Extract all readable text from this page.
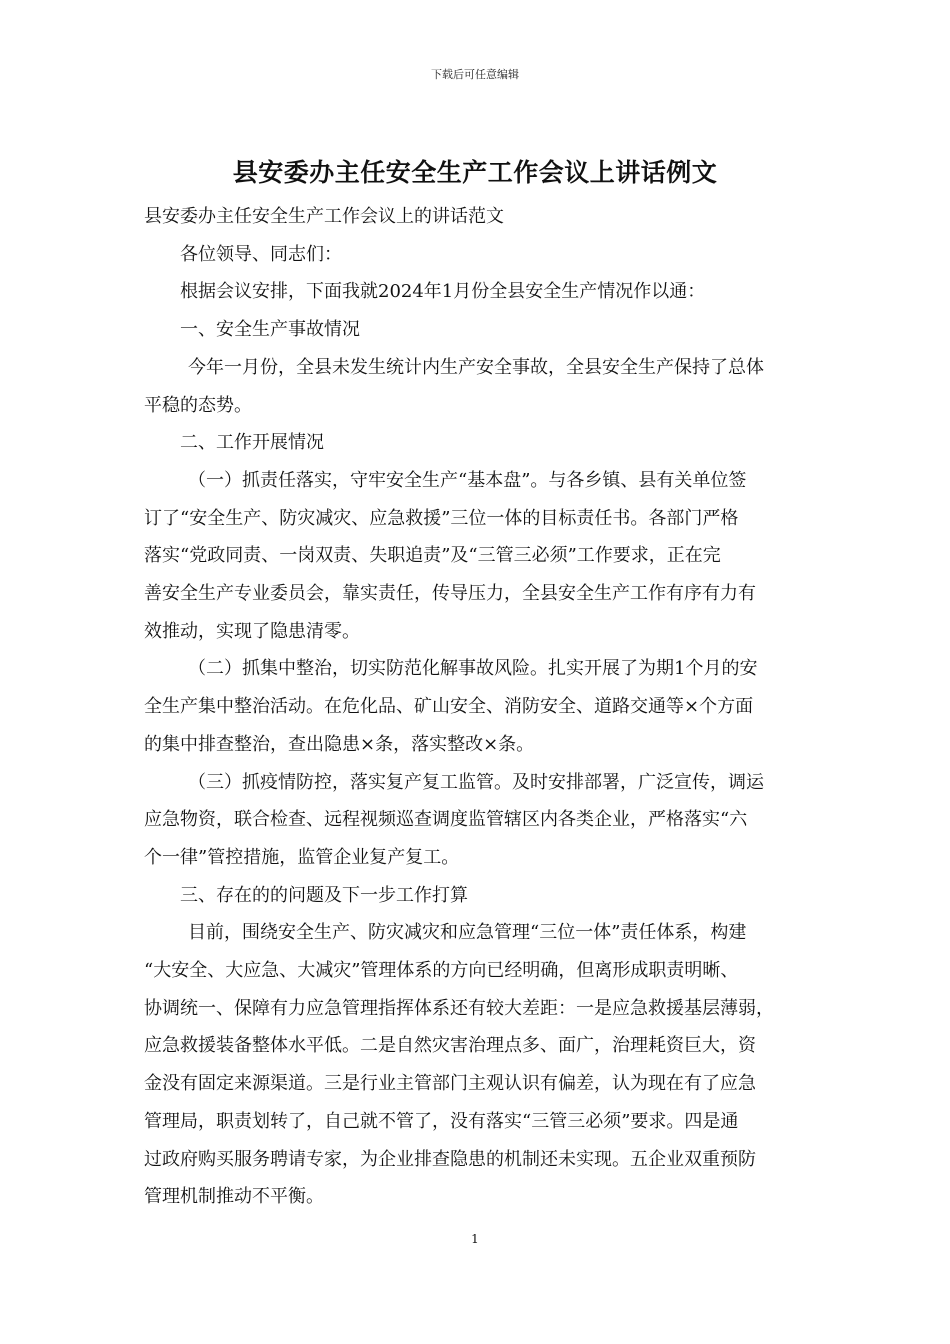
下载后可任意编辑
县安委办主任安全生产工作会议上讲话例文

县安委办主任安全生产工作会议上的讲话范文

各位领导、同志们：

根据会议安排，下面我就2024年1月份全县安全生产情况作以通：

一、安全生产事故情况

今年一月份，全县未发生统计内生产安全事故，全县安全生产保持了总体

平稳的态势。

二、工作开展情况

（一）抓责任落实，守牢安全生产“基本盘”。与各乡镇、县有关单位签

订了“安全生产、防灾减灾、应急救援”三位一体的目标责任书。各部门严格

落实“党政同责、一岗双责、失职追责”及“三管三必须”工作要求，正在完

善安全生产专业委员会，靠实责任，传导压力，全县安全生产工作有序有力有

效推动，实现了隐患清零。

（二）抓集中整治，切实防范化解事故风险。扎实开展了为期1个月的安

全生产集中整治活动。在危化品、矿山安全、消防安全、道路交通等×个方面

的集中排查整治，查出隐患×条，落实整改×条。

（三）抓疫情防控，落实复产复工监管。及时安排部署，广泛宣传，调运

应急物资，联合检查、远程视频巡查调度监管辖区内各类企业，严格落实“六

个一律”管控措施，监管企业复产复工。

三、存在的的问题及下一步工作打算

目前，围绕安全生产、防灾减灾和应急管理“三位一体”责任体系，构建

“大安全、大应急、大减灾”管理体系的方向已经明确，但离形成职责明晰、

协调统一、保障有力应急管理指挥体系还有较大差距：一是应急救援基层薄弱，

应急救援装备整体水平低。二是自然灾害治理点多、面广，治理耗资巨大，资

金没有固定来源渠道。三是行业主管部门主观认识有偏差，认为现在有了应急

管理局，职责划转了，自己就不管了，没有落实“三管三必须”要求。四是通

过政府购买服务聘请专家，为企业排查隐患的机制还未实现。五企业双重预防

管理机制推动不平衡。

1
